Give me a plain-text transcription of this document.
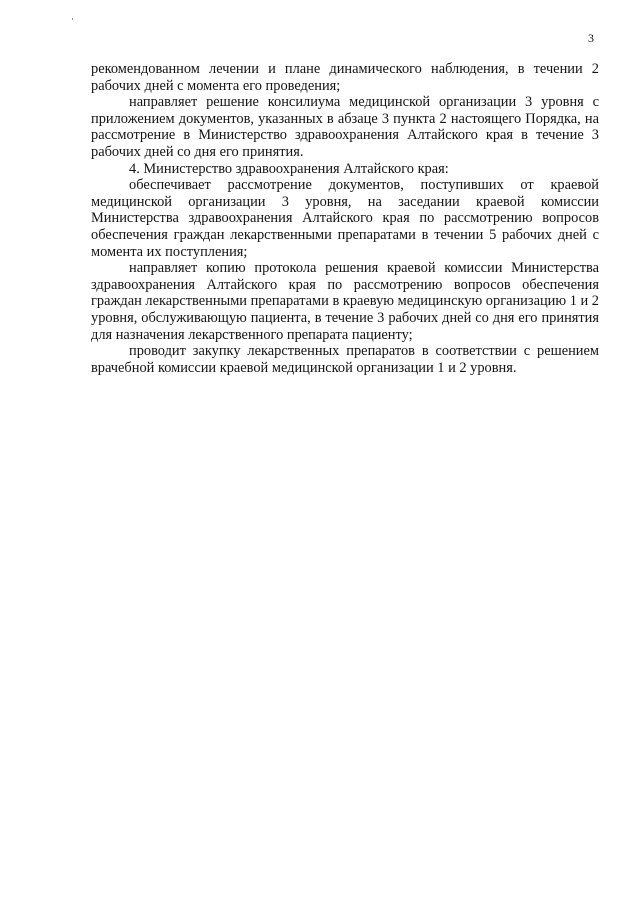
3

рекомендованном лечении и плане динамического наблюдения, в течении 2 рабочих дней с момента его проведения;

направляет решение консилиума медицинской организации 3 уровня с приложением документов, указанных в абзаце 3 пункта 2 настоящего Порядка, на рассмотрение в Министерство здравоохранения Алтайского края в течение 3 рабочих дней со дня его принятия.

4. Министерство здравоохранения Алтайского края:

обеспечивает рассмотрение документов, поступивших от краевой медицинской организации 3 уровня, на заседании краевой комиссии Министерства здравоохранения Алтайского края по рассмотрению вопросов обеспечения граждан лекарственными препаратами в течении 5 рабочих дней с момента их поступления;

направляет копию протокола решения краевой комиссии Министерства здравоохранения Алтайского края по рассмотрению вопросов обеспечения граждан лекарственными препаратами в краевую медицинскую организацию 1 и 2 уровня, обслуживающую пациента, в течение 3 рабочих дней со дня его принятия для назначения лекарственного препарата пациенту;

проводит закупку лекарственных препаратов в соответствии с решением врачебной комиссии краевой медицинской организации 1 и 2 уровня.
